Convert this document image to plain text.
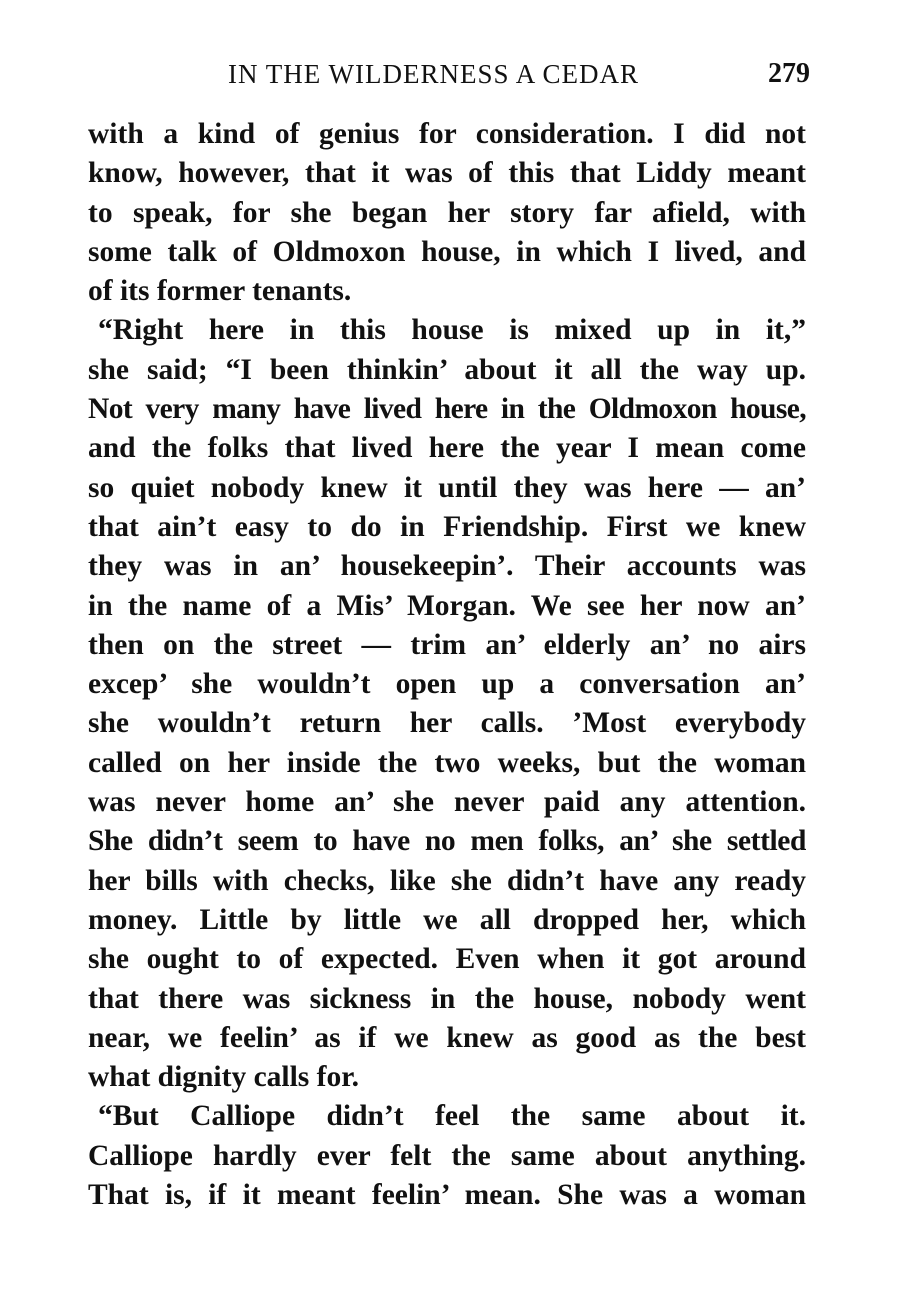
IN THE WILDERNESS A CEDAR	279
with a kind of genius for consideration. I did not
know, however, that it was of this that Liddy meant
to speak, for she began her story far afield, with
some talk of Oldmoxon house, in which I lived, and
of its former tenants.
“Right here in this house is mixed up in it,”
she said; “I been thinkin’ about it all the way up.
Not very many have lived here in the Oldmoxon house,
and the folks that lived here the year I mean come
so quiet nobody knew it until they was here — an’
that ain’t easy to do in Friendship. First we knew
they was in an’ housekeepin’. Their accounts was
in the name of a Mis’ Morgan. We see her now an’
then on the street — trim an’ elderly an’ no airs
excep’ she wouldn’t open up a conversation an’
she wouldn’t return her calls. ’Most everybody
called on her inside the two weeks, but the woman
was never home an’ she never paid any attention.
She didn’t seem to have no men folks, an’ she settled
her bills with checks, like she didn’t have any ready
money. Little by little we all dropped her, which
she ought to of expected. Even when it got around
that there was sickness in the house, nobody went
near, we feelin’ as if we knew as good as the best
what dignity calls for.
“But Calliope didn’t feel the same about it.
Calliope hardly ever felt the same about anything.
That is, if it meant feelin’ mean. She was a woman
